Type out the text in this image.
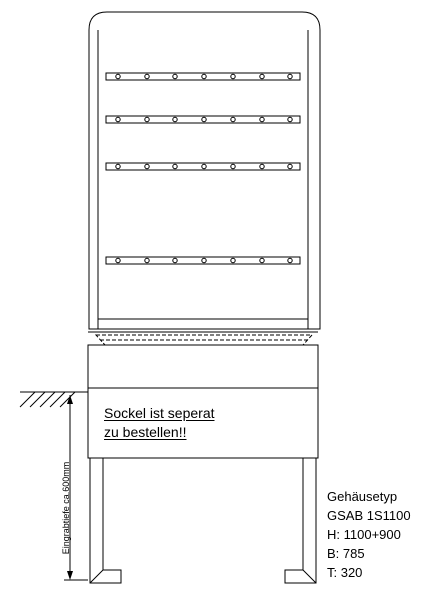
Sockel ist seperat
zu bestellen!!
Eingrabtiefe ca.600mm	Gehäusetyp
GSAB 1S1100
H: 1100+900
B: 785
T: 320
